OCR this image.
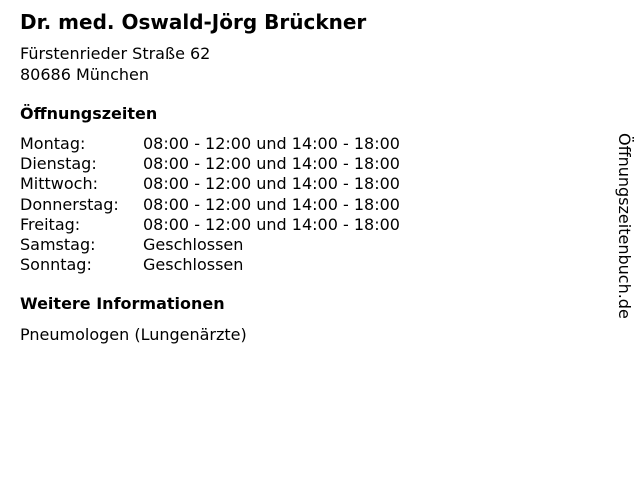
Dr. med. Oswald-Jörg Brückner
Fürstenrieder Straße 62
80686 München
Öffnungszeiten
Montag:	08:00 - 12:00 und 14:00 - 18:00
Dienstag:	08:00 - 12:00 und 14:00 - 18:00
Mittwoch:	08:00 - 12:00 und 14:00 - 18:00
Donnerstag: 08:00 - 12:00 und 14:00 - 18:00
Freitag:	08:00 - 12:00 und 14:00 - 18:00
Samstag:	Geschlossen
Sonntag:	Geschlossen
Weitere Informationen
Pneumologen (Lungenärzte)
Öffnungszeitenbuch.de
